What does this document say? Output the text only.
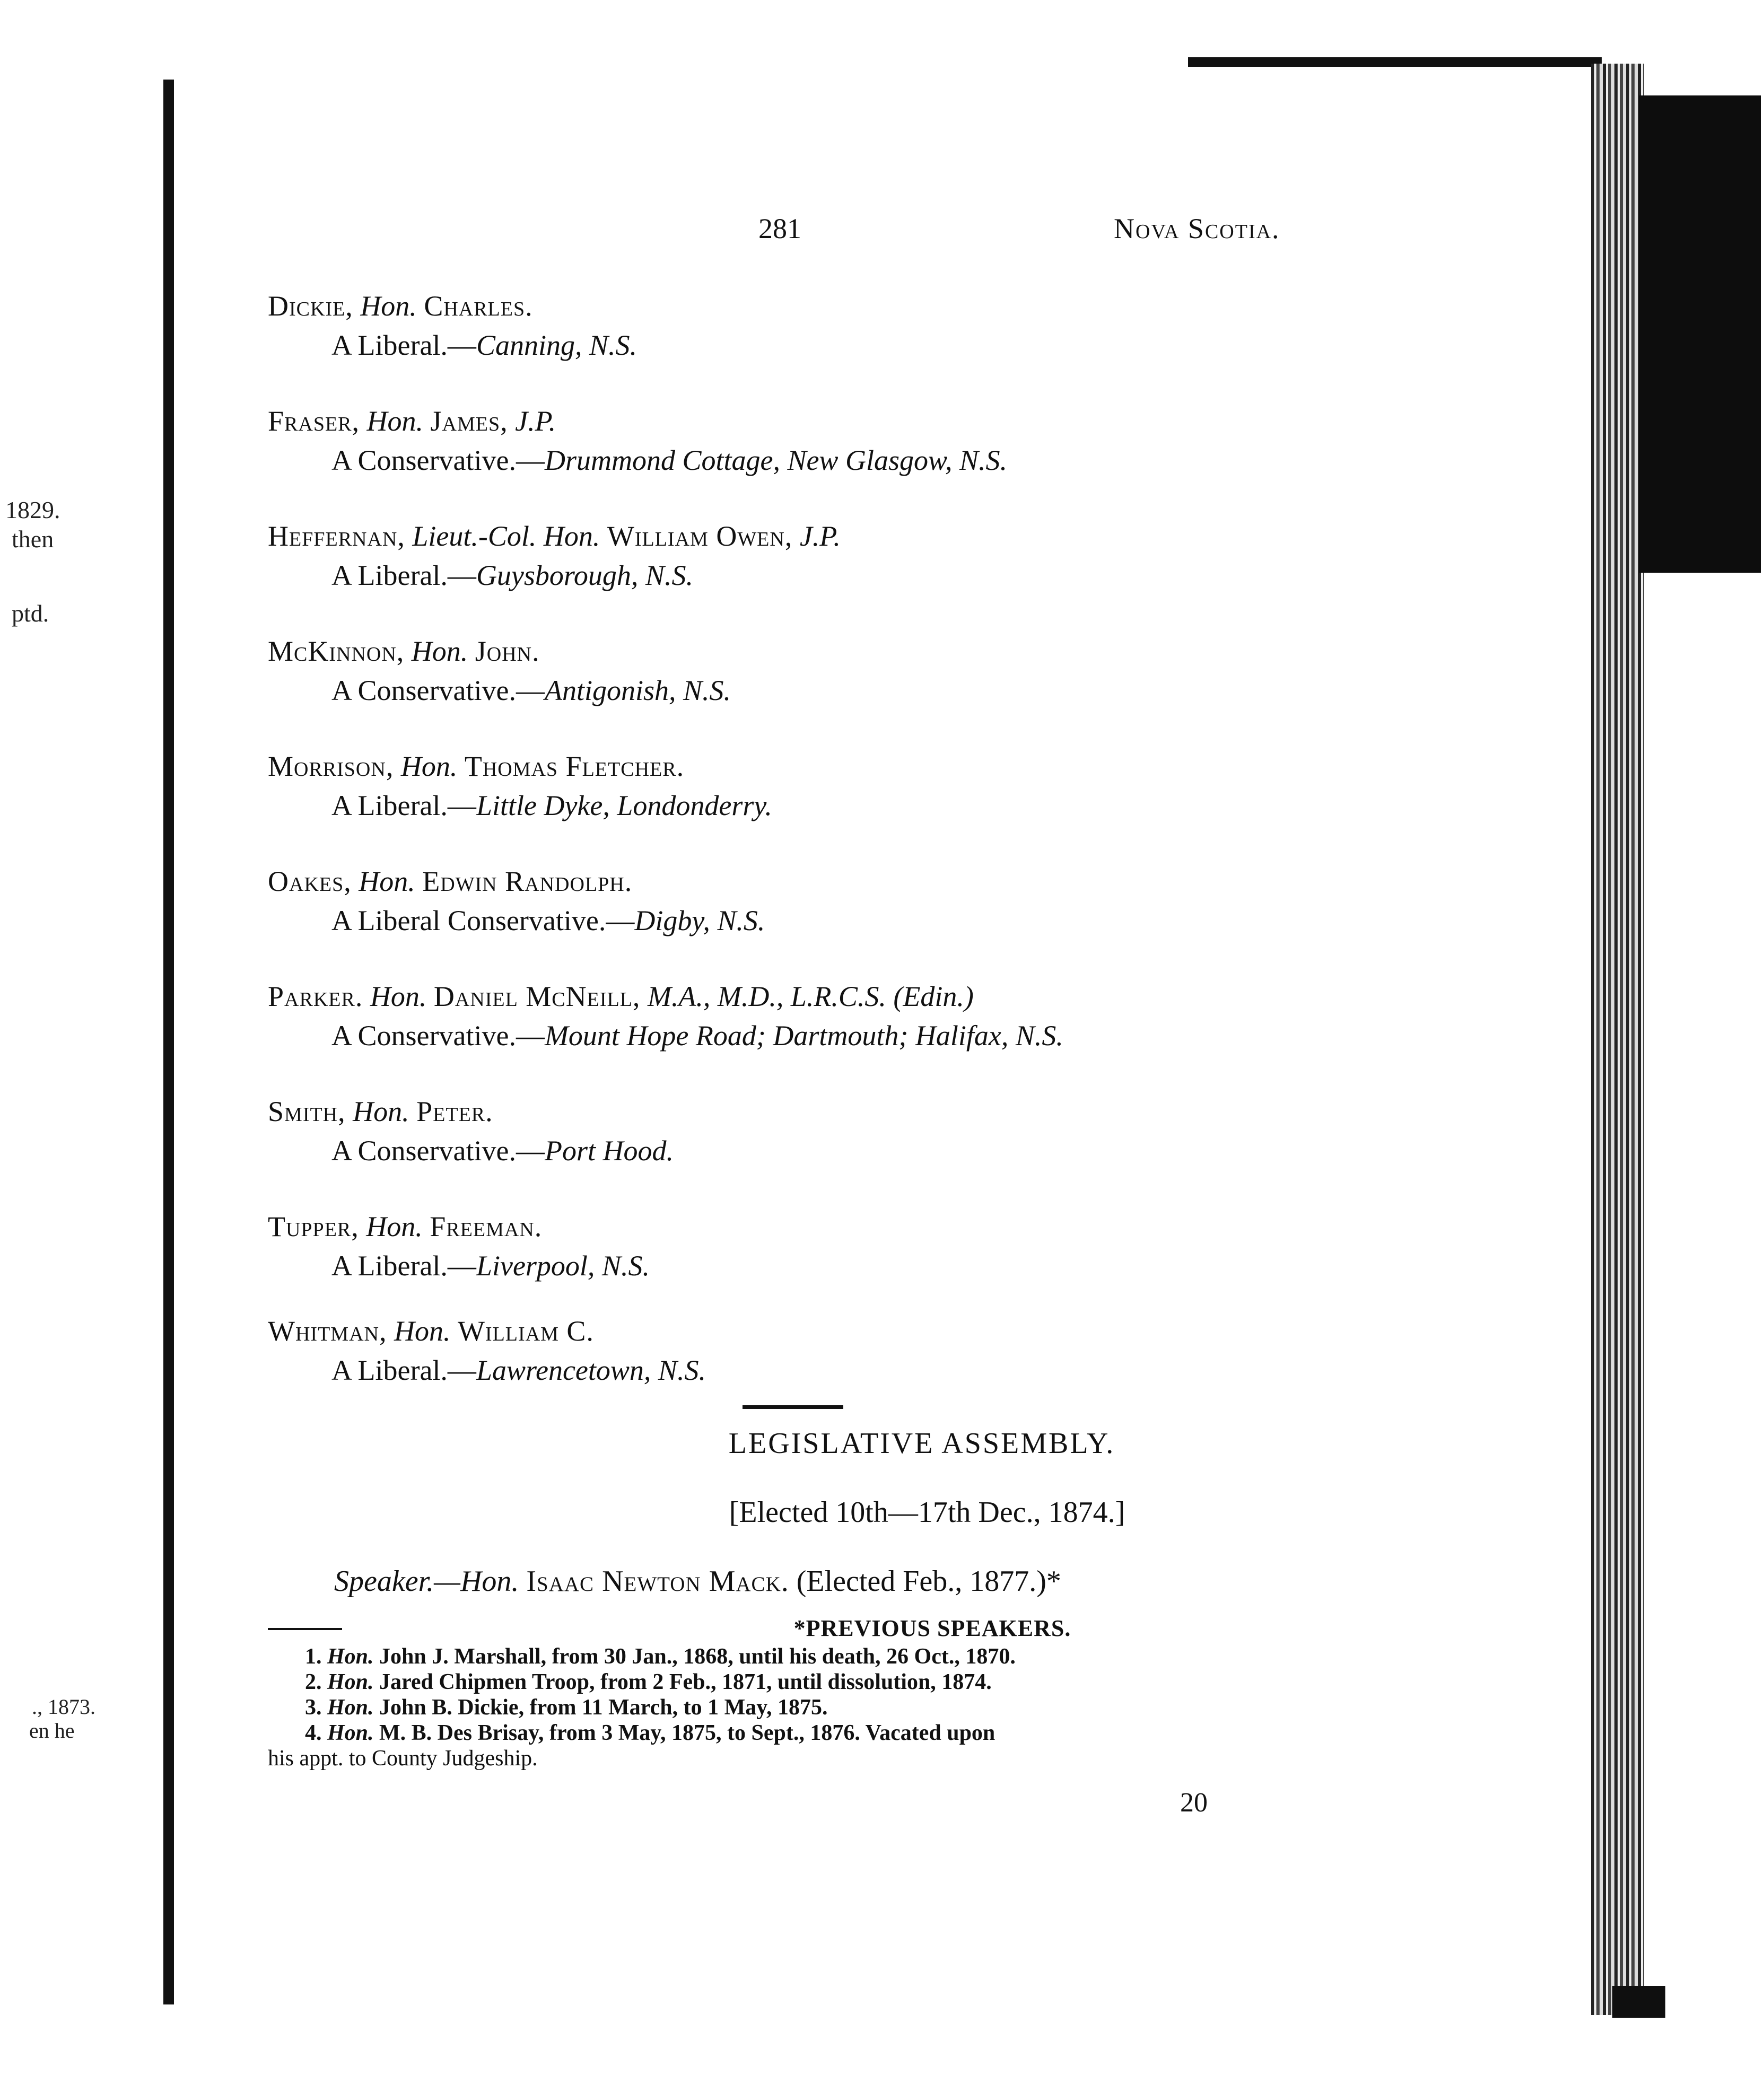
1829.
then
ptd.
., 1873.
en he
281	Nova Scotia.
Dickie, Hon. Charles.
A Liberal.—Canning, N.S.
Fraser, Hon. James, J.P.
A Conservative.—Drummond Cottage, New Glasgow, N.S.
Heffernan, Lieut.-Col. Hon. William Owen, J.P.
A Liberal.—Guysborough, N.S.
McKinnon, Hon. John.
A Conservative.—Antigonish, N.S.
Morrison, Hon. Thomas Fletcher.
A Liberal.—Little Dyke, Londonderry.
Oakes, Hon. Edwin Randolph.
A Liberal Conservative.—Digby, N.S.
Parker. Hon. Daniel McNeill, M.A., M.D., L.R.C.S. (Edin.)
A Conservative.—Mount Hope Road; Dartmouth; Halifax, N.S.
Smith, Hon. Peter.
A Conservative.—Port Hood.
Tupper, Hon. Freeman.
A Liberal.—Liverpool, N.S.
Whitman, Hon. William C.
A Liberal.—Lawrencetown, N.S.
LEGISLATIVE ASSEMBLY.
[Elected 10th—17th Dec., 1874.]
Speaker.—Hon. Isaac Newton Mack. (Elected Feb., 1877.)*
*PREVIOUS SPEAKERS.
1. Hon. John J. Marshall, from 30 Jan., 1868, until his death, 26 Oct., 1870.
2. Hon. Jared Chipmen Troop, from 2 Feb., 1871, until dissolution, 1874.
3. Hon. John B. Dickie, from 11 March, to 1 May, 1875.
4. Hon. M. B. Des Brisay, from 3 May, 1875, to Sept., 1876. Vacated upon
his appt. to County Judgeship.
20
